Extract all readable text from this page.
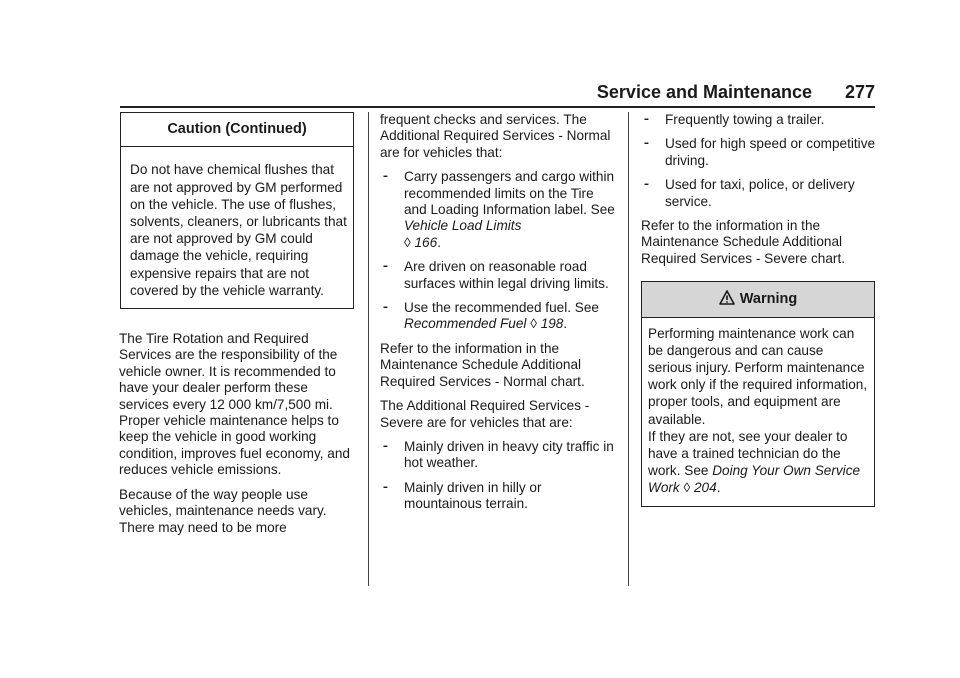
Service and Maintenance 277
Caution (Continued)
Do not have chemical flushes that are not approved by GM performed on the vehicle. The use of flushes, solvents, cleaners, or lubricants that are not approved by GM could damage the vehicle, requiring expensive repairs that are not covered by the vehicle warranty.

The Tire Rotation and Required Services are the responsibility of the vehicle owner. It is recommended to have your dealer perform these services every 12 000 km/7,500 mi. Proper vehicle maintenance helps to keep the vehicle in good working condition, improves fuel economy, and reduces vehicle emissions.

Because of the way people use vehicles, maintenance needs vary. There may need to be more

frequent checks and services. The Additional Required Services - Normal are for vehicles that:

⁃ Carry passengers and cargo within recommended limits on the Tire and Loading Information label. See Vehicle Load Limits
◊ 166.
⁃ Are driven on reasonable road surfaces within legal driving limits.
⁃ Use the recommended fuel. See
Recommended Fuel ◊ 198.

Refer to the information in the Maintenance Schedule Additional Required Services - Normal chart.

The Additional Required Services - Severe are for vehicles that are:

⁃ Mainly driven in heavy city traffic in hot weather.
⁃ Mainly driven in hilly or mountainous terrain.
⁃ Frequently towing a trailer.
⁃ Used for high speed or competitive driving.
⁃ Used for taxi, police, or delivery service.

Refer to the information in the Maintenance Schedule Additional Required Services - Severe chart.

Warning
Performing maintenance work can be dangerous and can cause serious injury. Perform maintenance work only if the required information, proper tools, and equipment are available.
If they are not, see your dealer to have a trained technician do the work. See Doing Your Own Service Work ◊ 204.
